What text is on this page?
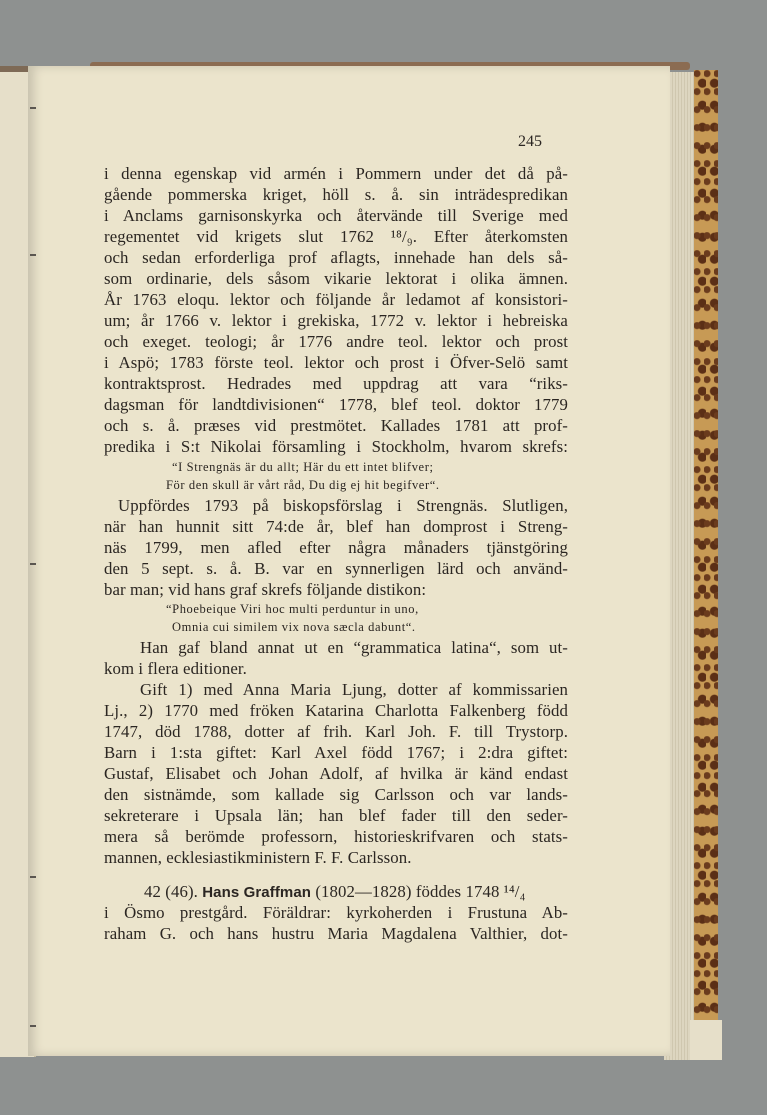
245
i denna egenskap vid armén i Pommern under det då på-
gående pommerska kriget, höll s. å. sin inträdespredikan
i Anclams garnisonskyrka och återvände till Sverige med
regementet vid krigets slut 1762 ¹⁸/₉. Efter återkomsten
och sedan erforderliga prof aflagts, innehade han dels så-
som ordinarie, dels såsom vikarie lektorat i olika ämnen.
År 1763 eloqu. lektor och följande år ledamot af konsistori-
um; år 1766 v. lektor i grekiska, 1772 v. lektor i hebreiska
och exeget. teologi; år 1776 andre teol. lektor och prost
i Aspö; 1783 förste teol. lektor och prost i Öfver-Selö samt
kontraktsprost. Hedrades med uppdrag att vara “riks-
dagsman för landtdivisionen“ 1778, blef teol. doktor 1779
och s. å. præses vid prestmötet. Kallades 1781 att prof-
predika i S:t Nikolai församling i Stockholm, hvarom skrefs:
“I Strengnäs är du allt; Här du ett intet blifver;
För den skull är vårt råd, Du dig ej hit begifver“.
Uppfördes 1793 på biskopsförslag i Strengnäs. Slutligen,
när han hunnit sitt 74:de år, blef han domprost i Streng-
näs 1799, men afled efter några månaders tjänstgöring
den 5 sept. s. å. B. var en synnerligen lärd och använd-
bar man; vid hans graf skrefs följande distikon:
“Phoebeique Viri hoc multi perduntur in uno,
Omnia cui similem vix nova sæcla dabunt“.
Han gaf bland annat ut en “grammatica latina“, som ut-
kom i flera editioner.
Gift 1) med Anna Maria Ljung, dotter af kommissarien
Lj., 2) 1770 med fröken Katarina Charlotta Falkenberg född
1747, död 1788, dotter af frih. Karl Joh. F. till Trystorp.
Barn i 1:sta giftet: Karl Axel född 1767; i 2:dra giftet:
Gustaf, Elisabet och Johan Adolf, af hvilka är känd endast
den sistnämde, som kallade sig Carlsson och var lands-
sekreterare i Upsala län; han blef fader till den seder-
mera så berömde professorn, historieskrifvaren och stats-
mannen, ecklesiastikministern F. F. Carlsson.
42 (46). Hans Graffman (1802—1828) föddes 1748 ¹⁴/₄
i Ösmo prestgård. Föräldrar: kyrkoherden i Frustuna Ab-
raham G. och hans hustru Maria Magdalena Valthier, dot-
